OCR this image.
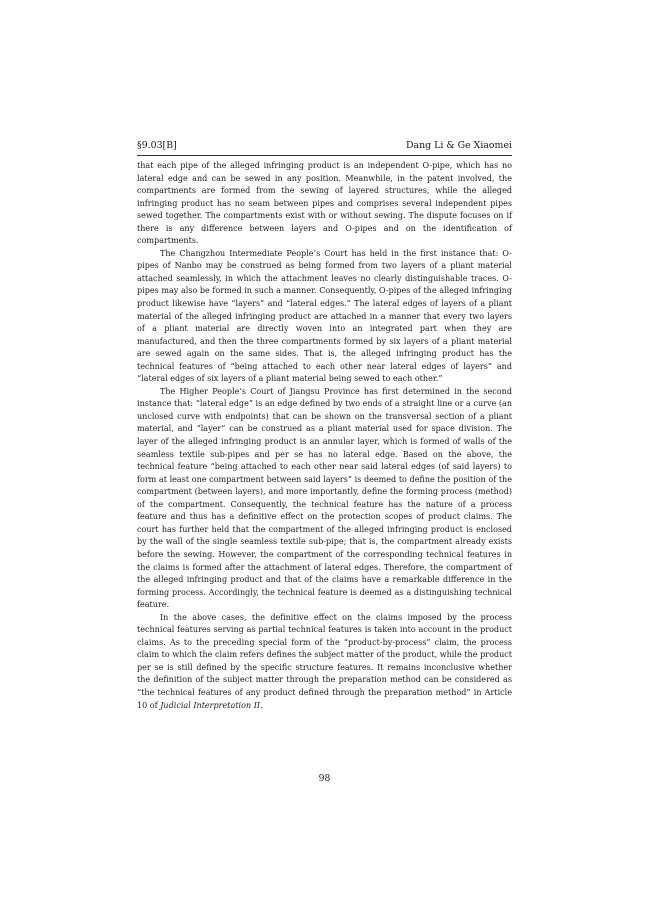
§9.03[B]	Dang Li & Ge Xiaomei

that each pipe of the alleged infringing product is an independent O-pipe, which has no lateral edge and can be sewed in any position. Meanwhile, in the patent involved, the compartments are formed from the sewing of layered structures, while the alleged infringing product has no seam between pipes and comprises several independent pipes sewed together. The compartments exist with or without sewing. The dispute focuses on if there is any difference between layers and O-pipes and on the identification of compartments.

The Changzhou Intermediate People’s Court has held in the first instance that: O-pipes of Nanbo may be construed as being formed from two layers of a pliant material attached seamlessly, in which the attachment leaves no clearly distinguishable traces. O-pipes may also be formed in such a manner. Consequently, O-pipes of the alleged infringing product likewise have “layers” and “lateral edges.” The lateral edges of layers of a pliant material of the alleged infringing product are attached in a manner that every two layers of a pliant material are directly woven into an integrated part when they are manufactured, and then the three compartments formed by six layers of a pliant material are sewed again on the same sides. That is, the alleged infringing product has the technical features of “being attached to each other near lateral edges of layers” and “lateral edges of six layers of a pliant material being sewed to each other.”

The Higher People’s Court of Jiangsu Province has first determined in the second instance that: “lateral edge” is an edge defined by two ends of a straight line or a curve (an unclosed curve with endpoints) that can be shown on the transversal section of a pliant material, and “layer” can be construed as a pliant material used for space division. The layer of the alleged infringing product is an annular layer, which is formed of walls of the seamless textile sub-pipes and per se has no lateral edge. Based on the above, the technical feature “being attached to each other near said lateral edges (of said layers) to form at least one compartment between said layers” is deemed to define the position of the compartment (between layers), and more importantly, define the forming process (method) of the compartment. Consequently, the technical feature has the nature of a process feature and thus has a definitive effect on the protection scopes of product claims. The court has further held that the compartment of the alleged infringing product is enclosed by the wall of the single seamless textile sub-pipe; that is, the compartment already exists before the sewing. However, the compartment of the corresponding technical features in the claims is formed after the attachment of lateral edges. Therefore, the compartment of the alleged infringing product and that of the claims have a remarkable difference in the forming process. Accordingly, the technical feature is deemed as a distinguishing technical feature.

In the above cases, the definitive effect on the claims imposed by the process technical features serving as partial technical features is taken into account in the product claims. As to the preceding special form of the “product-by-process” claim, the process claim to which the claim refers defines the subject matter of the product, while the product per se is still defined by the specific structure features. It remains inconclusive whether the definition of the subject matter through the preparation method can be considered as “the technical features of any product defined through the preparation method” in Article 10 of Judicial Interpretation II.

98
